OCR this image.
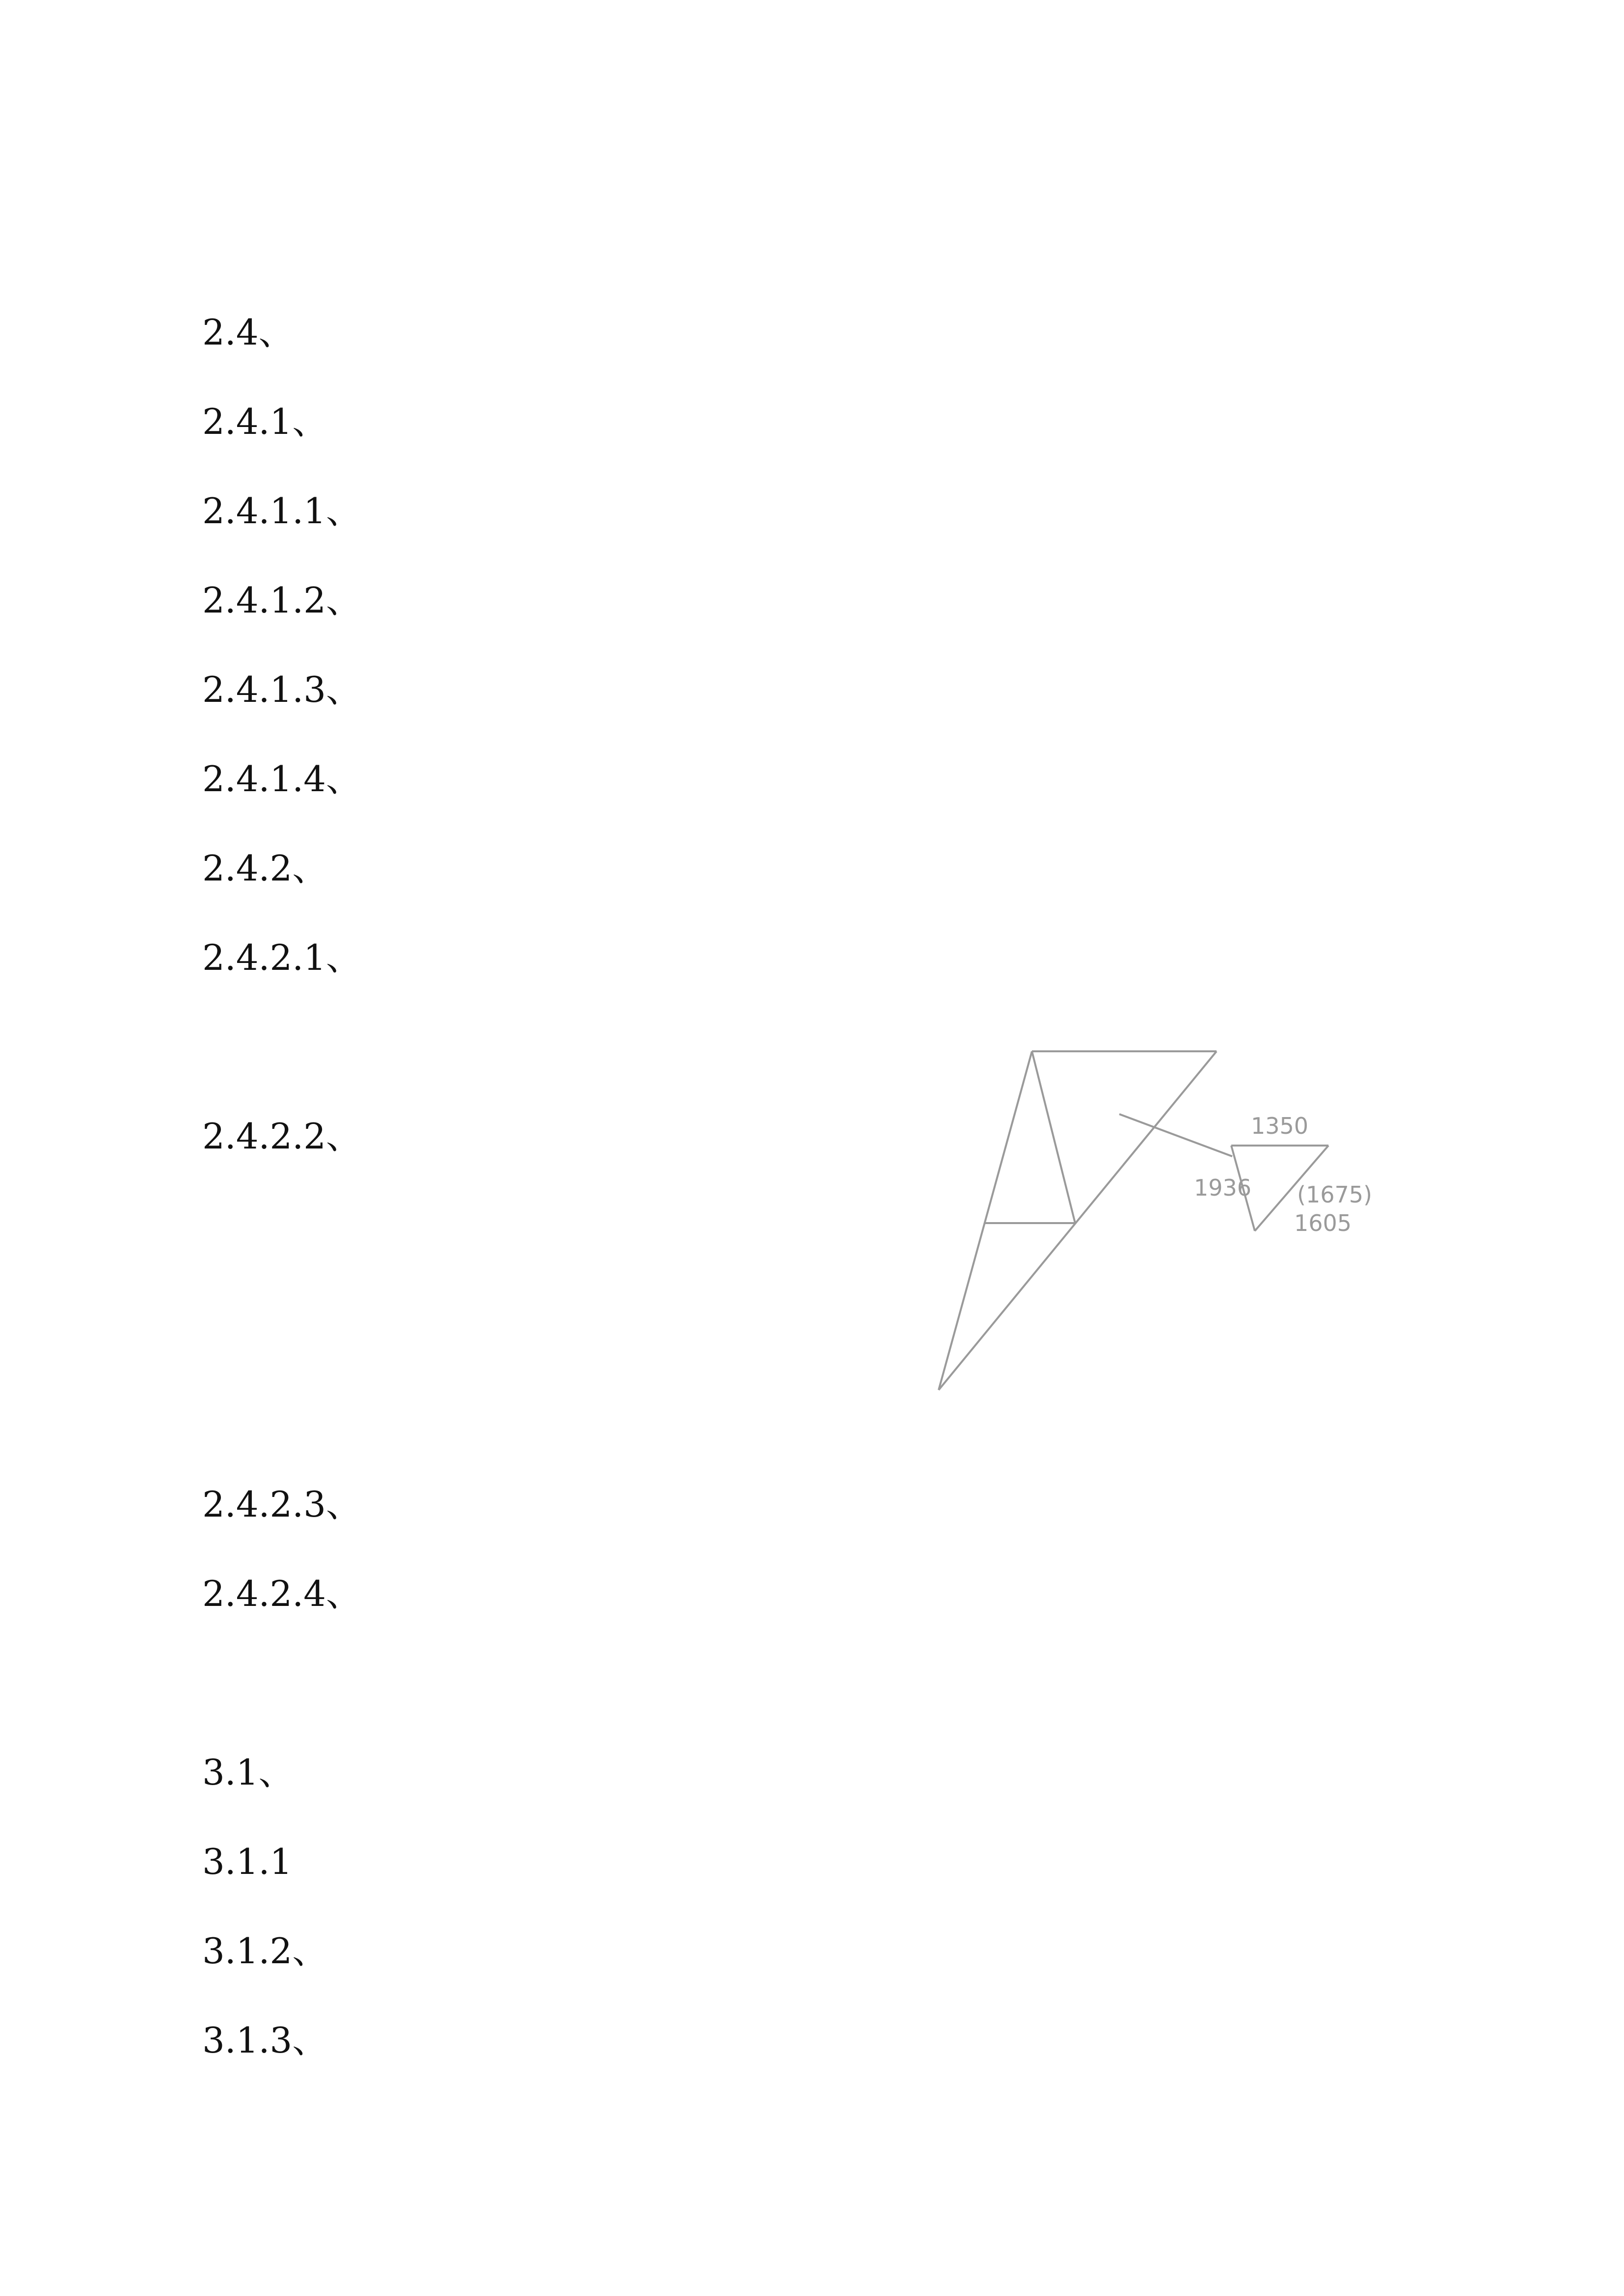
2.4、
2.4.1、
2.4.1.1、
2.4.1.2、
2.4.1.3、
2.4.1.4、
2.4.2、
2.4.2.1、
2.4.2.2、	1350
1936 (1675)
1605
2.4.2.3、
2.4.2.4、
3.1、
3.1.1
3.1.2、
3.1.3、
